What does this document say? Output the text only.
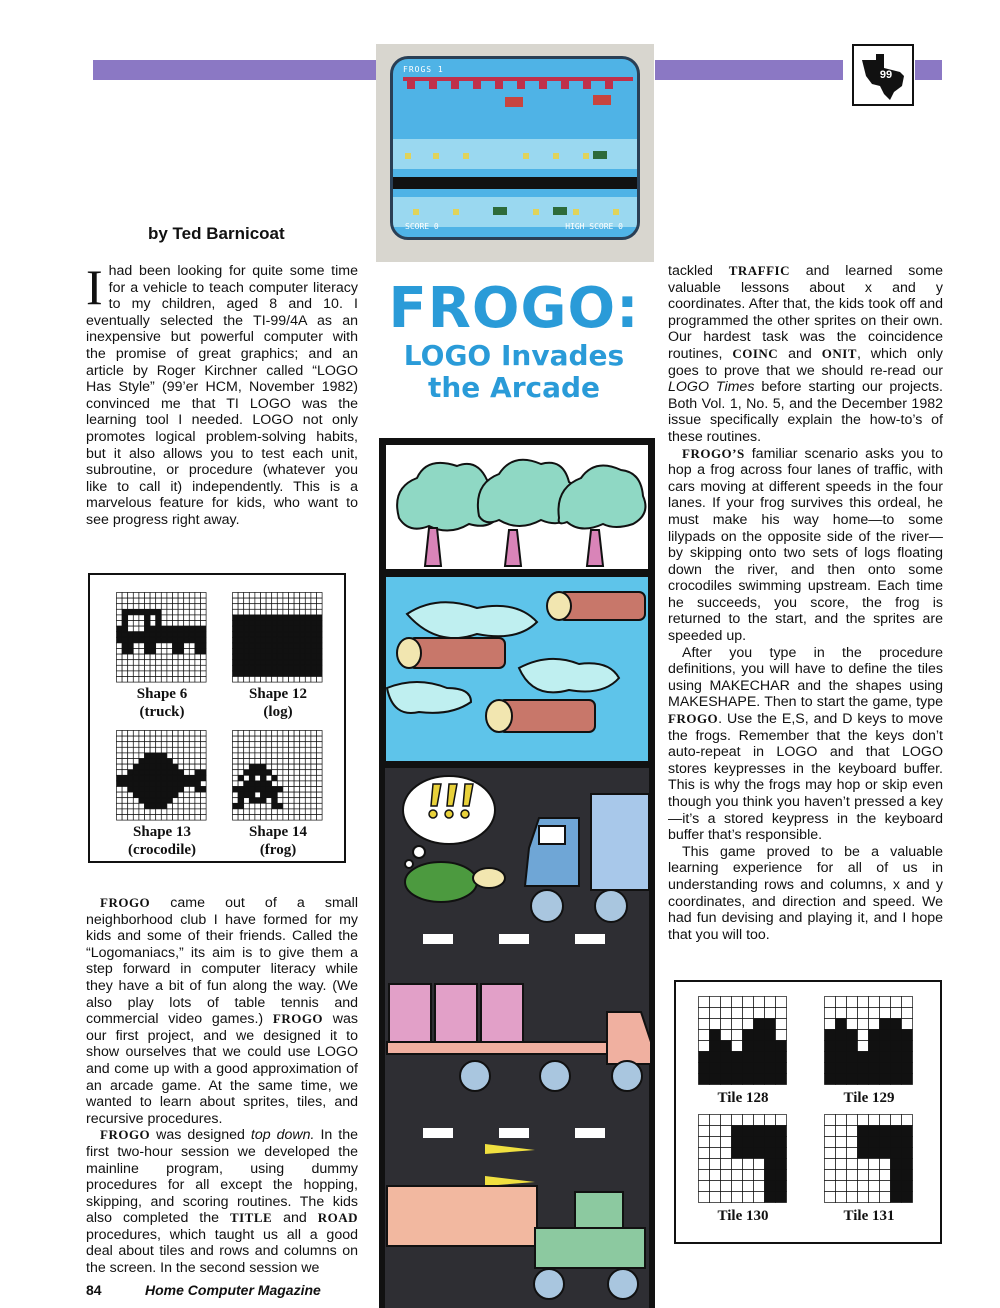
99
FROGS 1
SCORE 0	HIGH SCORE 0
by Ted Barnicoat
FROGO:
LOGO Invades
the Arcade
Ihad been looking for quite some time for a vehicle to teach computer literacy to my children, aged 8 and 10. I eventually selected the TI-99/4A as an inexpensive but powerful computer with the promise of great graphics; and an article by Roger Kirchner called “LOGO Has Style” (99’er HCM, November 1982) convinced me that TI LOGO was the learning tool I needed. LOGO not only promotes logical problem-solving habits, but it also allows you to test each unit, subroutine, or procedure (whatever you like to call it) independently. This is a marvelous feature for kids, who want to see progress right away.
Shape 6
(truck)
Shape 12
(log)
Shape 13
(crocodile)
Shape 14
(frog)

FROGO came out of a small neighborhood club I have formed for my kids and some of their friends. Called the “Logomaniacs,” its aim is to give them a step forward in computer literacy while they have a bit of fun along the way. (We also play lots of table tennis and commercial video games.) FROGO was our first project, and we designed it to show ourselves that we could use LOGO and come up with a good approximation of an arcade game. At the same time, we wanted to learn about sprites, tiles, and recursive procedures.

FROGO was designed top down. In the first two-hour session we developed the mainline program, using dummy procedures for all except the hopping, skipping, and scoring routines. The kids also completed the TITLE and ROAD procedures, which taught us all a good deal about tiles and rows and columns on the screen. In the second session we

tackled TRAFFIC and learned some valuable lessons about x and y coordinates. After that, the kids took off and programmed the other sprites on their own. Our hardest task was the coincidence routines, COINC and ONIT, which only goes to prove that we should re-read our LOGO Times before starting our projects. Both Vol. 1, No. 5, and the December 1982 issue specifically explain the how-to’s of these routines.

FROGO’S familiar scenario asks you to hop a frog across four lanes of traffic, with cars moving at different speeds in the four lanes. If your frog survives this ordeal, he must make his way home—to some lilypads on the opposite side of the river—by skipping onto two sets of logs floating down the river, and then onto some crocodiles swimming upstream. Each time he succeeds, you score, the frog is returned to the start, and the sprites are speeded up.

After you type in the procedure definitions, you will have to define the tiles using MAKECHAR and the shapes using MAKESHAPE. Then to start the game, type FROGO. Use the E,S, and D keys to move the frogs. Remember that the keys don’t auto-repeat in LOGO and that LOGO stores keypresses in the keyboard buffer. This is why the frogs may hop or skip even though you think you haven’t pressed a key—it’s a stored keypress in the keyboard buffer that’s responsible.

This game proved to be a valuable learning experience for all of us in understanding rows and columns, x and y coordinates, and direction and speed. We had fun devising and playing it, and I hope that you will too.

Tile 128	Tile 129
Tile 130	Tile 131
84	Home Computer Magazine
